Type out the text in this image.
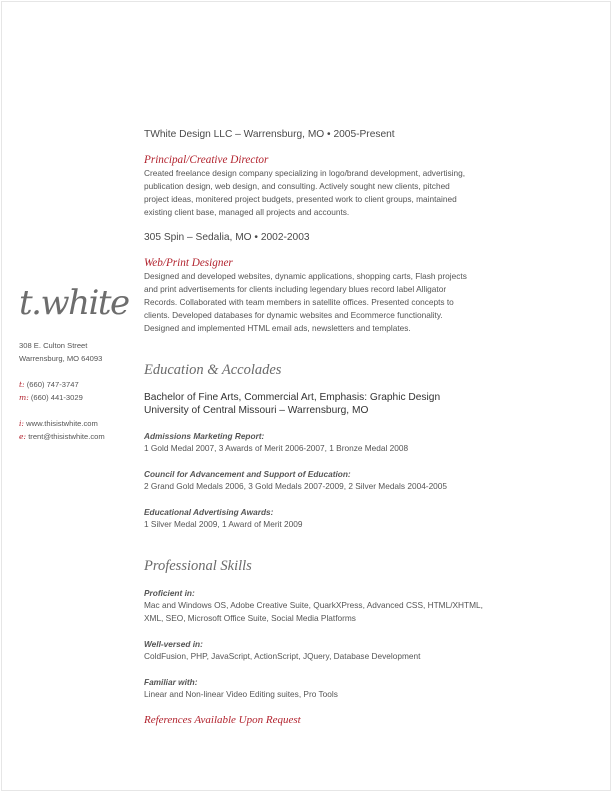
t.white
308 E. Culton Street
Warrensburg, MO 64093
t: (660) 747-3747
m: (660) 441-3029
i: www.thisistwhite.com
e: trent@thisistwhite.com
TWhite Design LLC – Warrensburg, MO • 2005-Present
Principal/Creative Director
Created freelance design company specializing in logo/brand development, advertising,
publication design, web design, and consulting. Actively sought new clients, pitched
project ideas, monitered project budgets, presented work to client groups, maintained
existing client base, managed all projects and accounts.
305 Spin – Sedalia, MO • 2002-2003
Web/Print Designer
Designed and developed websites, dynamic applications, shopping carts, Flash projects
and print advertisements for clients including legendary blues record label Alligator
Records. Collaborated with team members in satellite offices. Presented concepts to
clients. Developed databases for dynamic websites and Ecommerce functionality.
Designed and implemented HTML email ads, newsletters and templates.
Education & Accolades
Bachelor of Fine Arts, Commercial Art, Emphasis: Graphic Design
University of Central Missouri – Warrensburg, MO
Admissions Marketing Report:
1 Gold Medal 2007, 3 Awards of Merit 2006-2007, 1 Bronze Medal 2008
Council for Advancement and Support of Education:
2 Grand Gold Medals 2006, 3 Gold Medals 2007-2009, 2 Silver Medals 2004-2005
Educational Advertising Awards:
1 Silver Medal 2009, 1 Award of Merit 2009
Professional Skills
Proficient in:
Mac and Windows OS, Adobe Creative Suite, QuarkXPress, Advanced CSS, HTML/XHTML,
XML, SEO, Microsoft Office Suite, Social Media Platforms
Well-versed in:
ColdFusion, PHP, JavaScript, ActionScript, JQuery, Database Development
Familiar with:
Linear and Non-linear Video Editing suites, Pro Tools
References Available Upon Request
